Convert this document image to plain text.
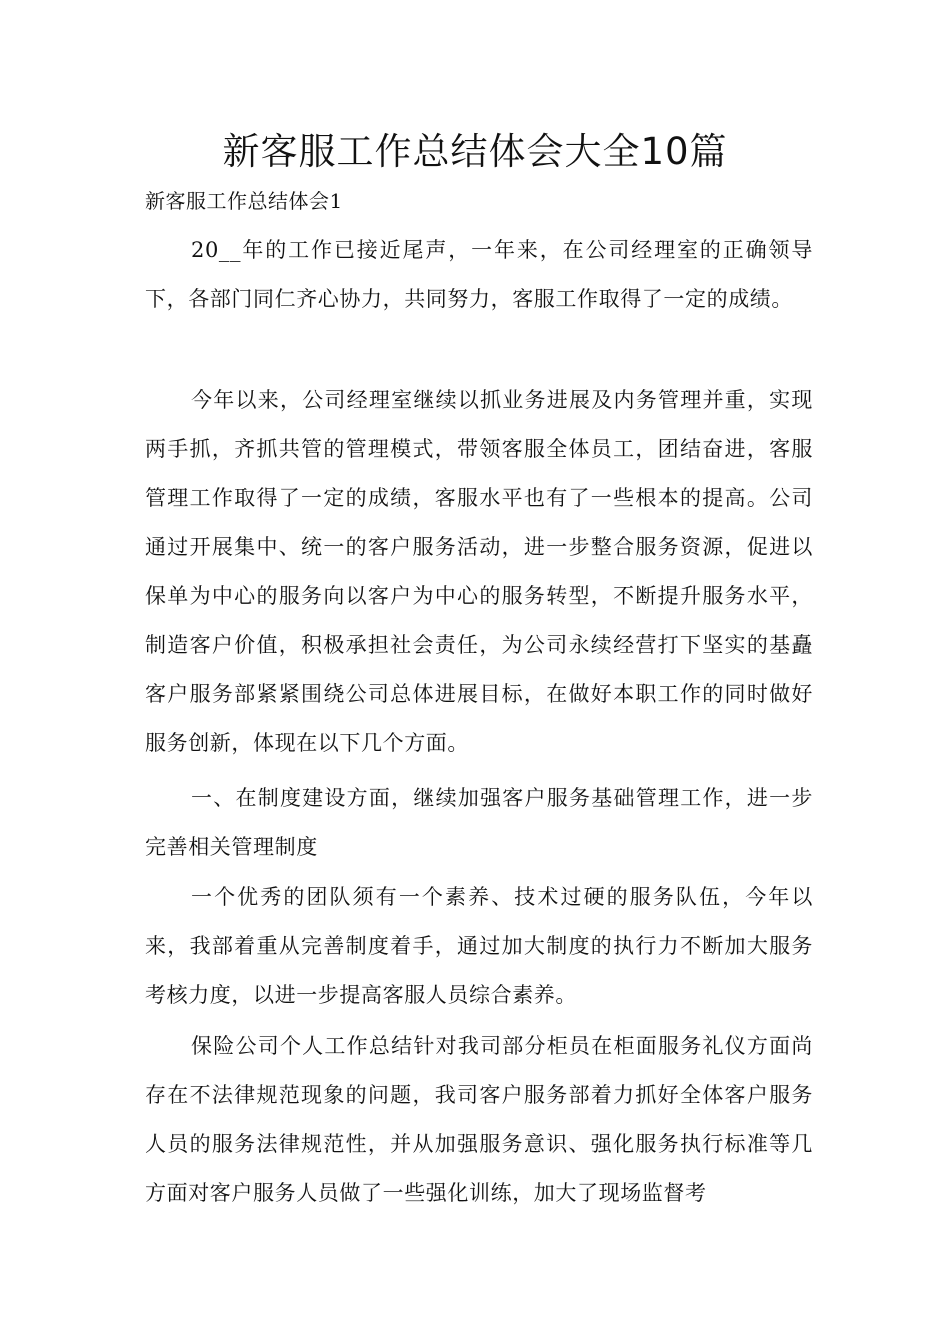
新客服工作总结体会大全10篇
新客服工作总结体会1

20__年的工作已接近尾声，一年来，在公司经理室的正确领导下，各部门同仁齐心协力，共同努力，客服工作取得了一定的成绩。

今年以来，公司经理室继续以抓业务进展及内务管理并重，实现两手抓，齐抓共管的管理模式，带领客服全体员工，团结奋进，客服管理工作取得了一定的成绩，客服水平也有了一些根本的提高。公司通过开展集中、统一的客户服务活动，进一步整合服务资源，促进以保单为中心的服务向以客户为中心的服务转型，不断提升服务水平，制造客户价值，积极承担社会责任，为公司永续经营打下坚实的基矗客户服务部紧紧围绕公司总体进展目标，在做好本职工作的同时做好服务创新，体现在以下几个方面。

一、在制度建设方面，继续加强客户服务基础管理工作，进一步完善相关管理制度

一个优秀的团队须有一个素养、技术过硬的服务队伍，今年以来，我部着重从完善制度着手，通过加大制度的执行力不断加大服务考核力度，以进一步提高客服人员综合素养。

保险公司个人工作总结针对我司部分柜员在柜面服务礼仪方面尚存在不法律规范现象的问题，我司客户服务部着力抓好全体客户服务人员的服务法律规范性，并从加强服务意识、强化服务执行标准等几方面对客户服务人员做了一些强化训练，加大了现场监督考
